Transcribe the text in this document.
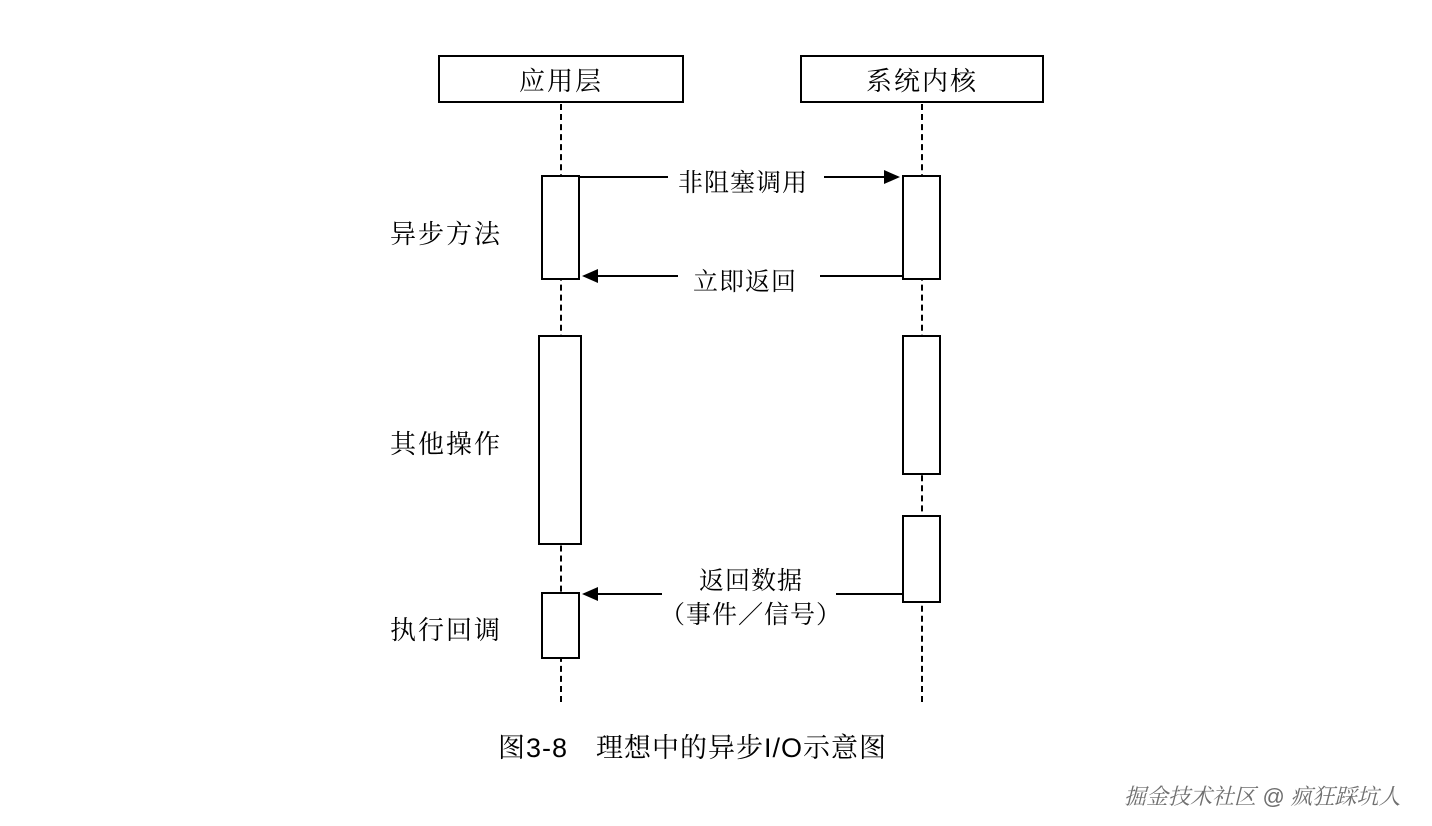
应用层	系统内核
异步方法
其他操作
执行回调
非阻塞调用
立即返回
返回数据
（事件／信号）
图3-8　理想中的异步I/O示意图
掘金技术社区 @ 疯狂踩坑人
